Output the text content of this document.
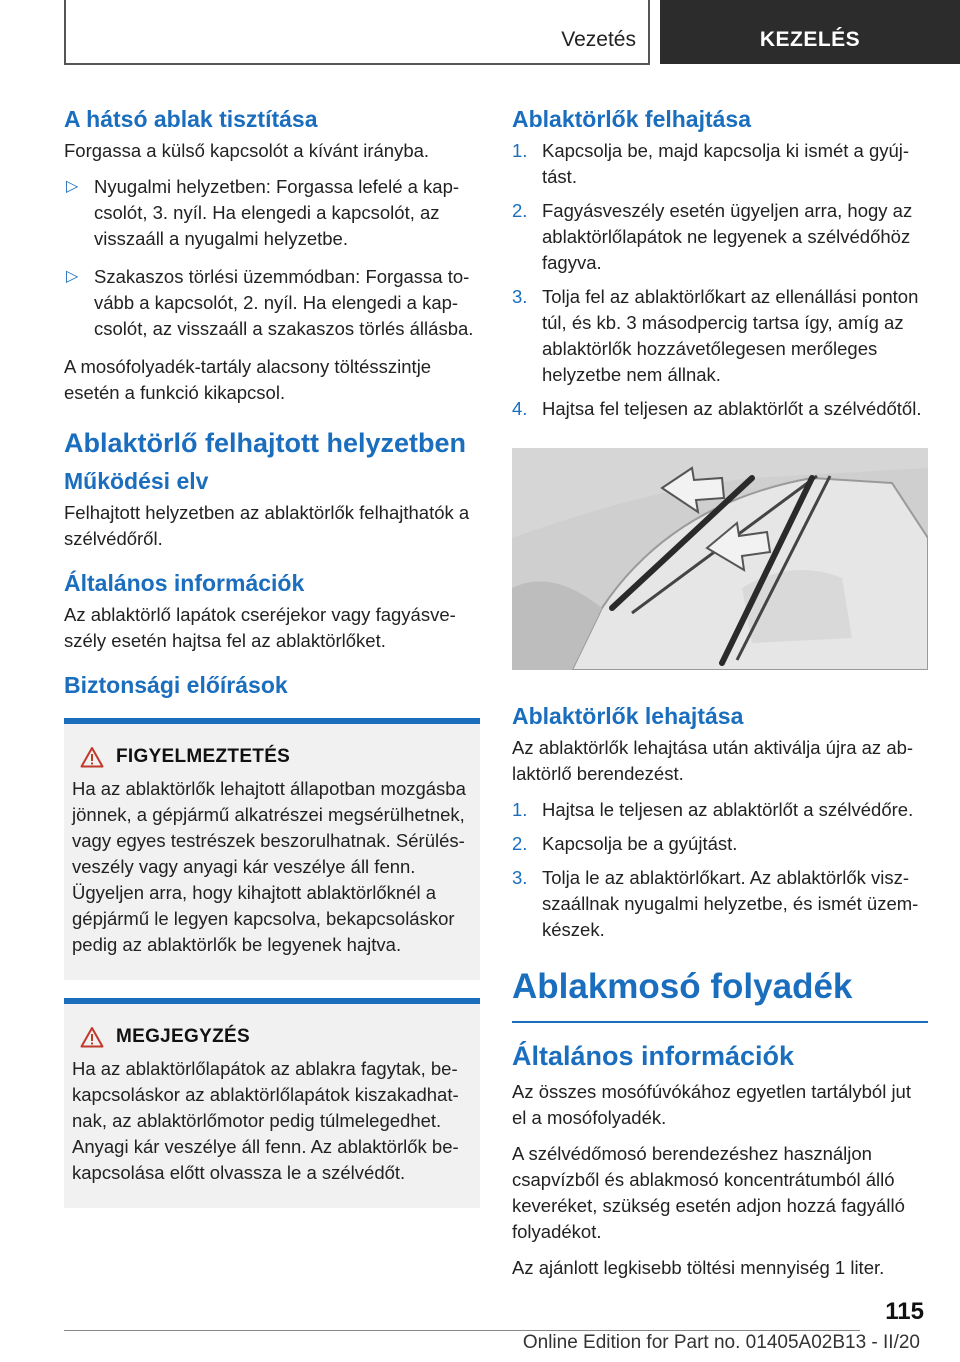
Vezetés	KEZELÉS
A hátsó ablak tisztítása

Forgassa a külső kapcsolót a kívánt irányba.

▷ Nyugalmi helyzetben: Forgassa lefelé a kapcsolót, 3. nyíl. Ha elengedi a kapcsolót, az visszaáll a nyugalmi helyzetbe.
▷ Szakaszos törlési üzemmódban: Forgassa tovább a kapcsolót, 2. nyíl. Ha elengedi a kapcsolót, az visszaáll a szakaszos törlés állásba.

A mosófolyadék-tartály alacsony töltésszintje esetén a funkció kikapcsol.

Ablaktörlő felhajtott helyzetben
Működési elv

Felhajtott helyzetben az ablaktörlők felhajthatók a szélvédőről.

Általános információk

Az ablaktörlő lapátok cseréjekor vagy fagyásveszély esetén hajtsa fel az ablaktörlőket.

Biztonsági előírások
FIGYELMEZTETÉS

Ha az ablaktörlők lehajtott állapotban mozgásba jönnek, a gépjármű alkatrészei megsérülhetnek, vagy egyes testrészek beszorulhatnak. Sérülésveszély vagy anyagi kár veszélye áll fenn. Ügyeljen arra, hogy kihajtott ablaktörlőknél a gépjármű le legyen kapcsolva, bekapcsoláskor pedig az ablaktörlők be legyenek hajtva.

MEGJEGYZÉS

Ha az ablaktörlőlapátok az ablakra fagytak, bekapcsoláskor az ablaktörlőlapátok kiszakadhatnak, az ablaktörlőmotor pedig túlmelegedhet. Anyagi kár veszélye áll fenn. Az ablaktörlők bekapcsolása előtt olvassza le a szélvédőt.

Ablaktörlők felhajtása
1. Kapcsolja be, majd kapcsolja ki ismét a gyújtást.
2. Fagyásveszély esetén ügyeljen arra, hogy az ablaktörlőlapátok ne legyenek a szélvédőhöz fagyva.
3. Tolja fel az ablaktörlőkart az ellenállási ponton túl, és kb. 3 másodpercig tartsa így, amíg az ablaktörlők hozzávetőlegesen merőleges helyzetbe nem állnak.
4. Hajtsa fel teljesen az ablaktörlőt a szélvédőtől.
Ablaktörlők lehajtása

Az ablaktörlők lehajtása után aktiválja újra az ablaktörlő berendezést.

1. Hajtsa le teljesen az ablaktörlőt a szélvédőre.
2. Kapcsolja be a gyújtást.
3. Tolja le az ablaktörlőkart. Az ablaktörlők viszszaállnak nyugalmi helyzetbe, és ismét üzemkészek.
Ablakmosó folyadék
Általános információk

Az összes mosófúvókához egyetlen tartályból jut el a mosófolyadék.

A szélvédőmosó berendezéshez használjon csapvízből és ablakmosó koncentrátumból álló keveréket, szükség esetén adjon hozzá fagyálló folyadékot.

Az ajánlott legkisebb töltési mennyiség 1 liter.

115
Online Edition for Part no. 01405A02B13 - II/20
